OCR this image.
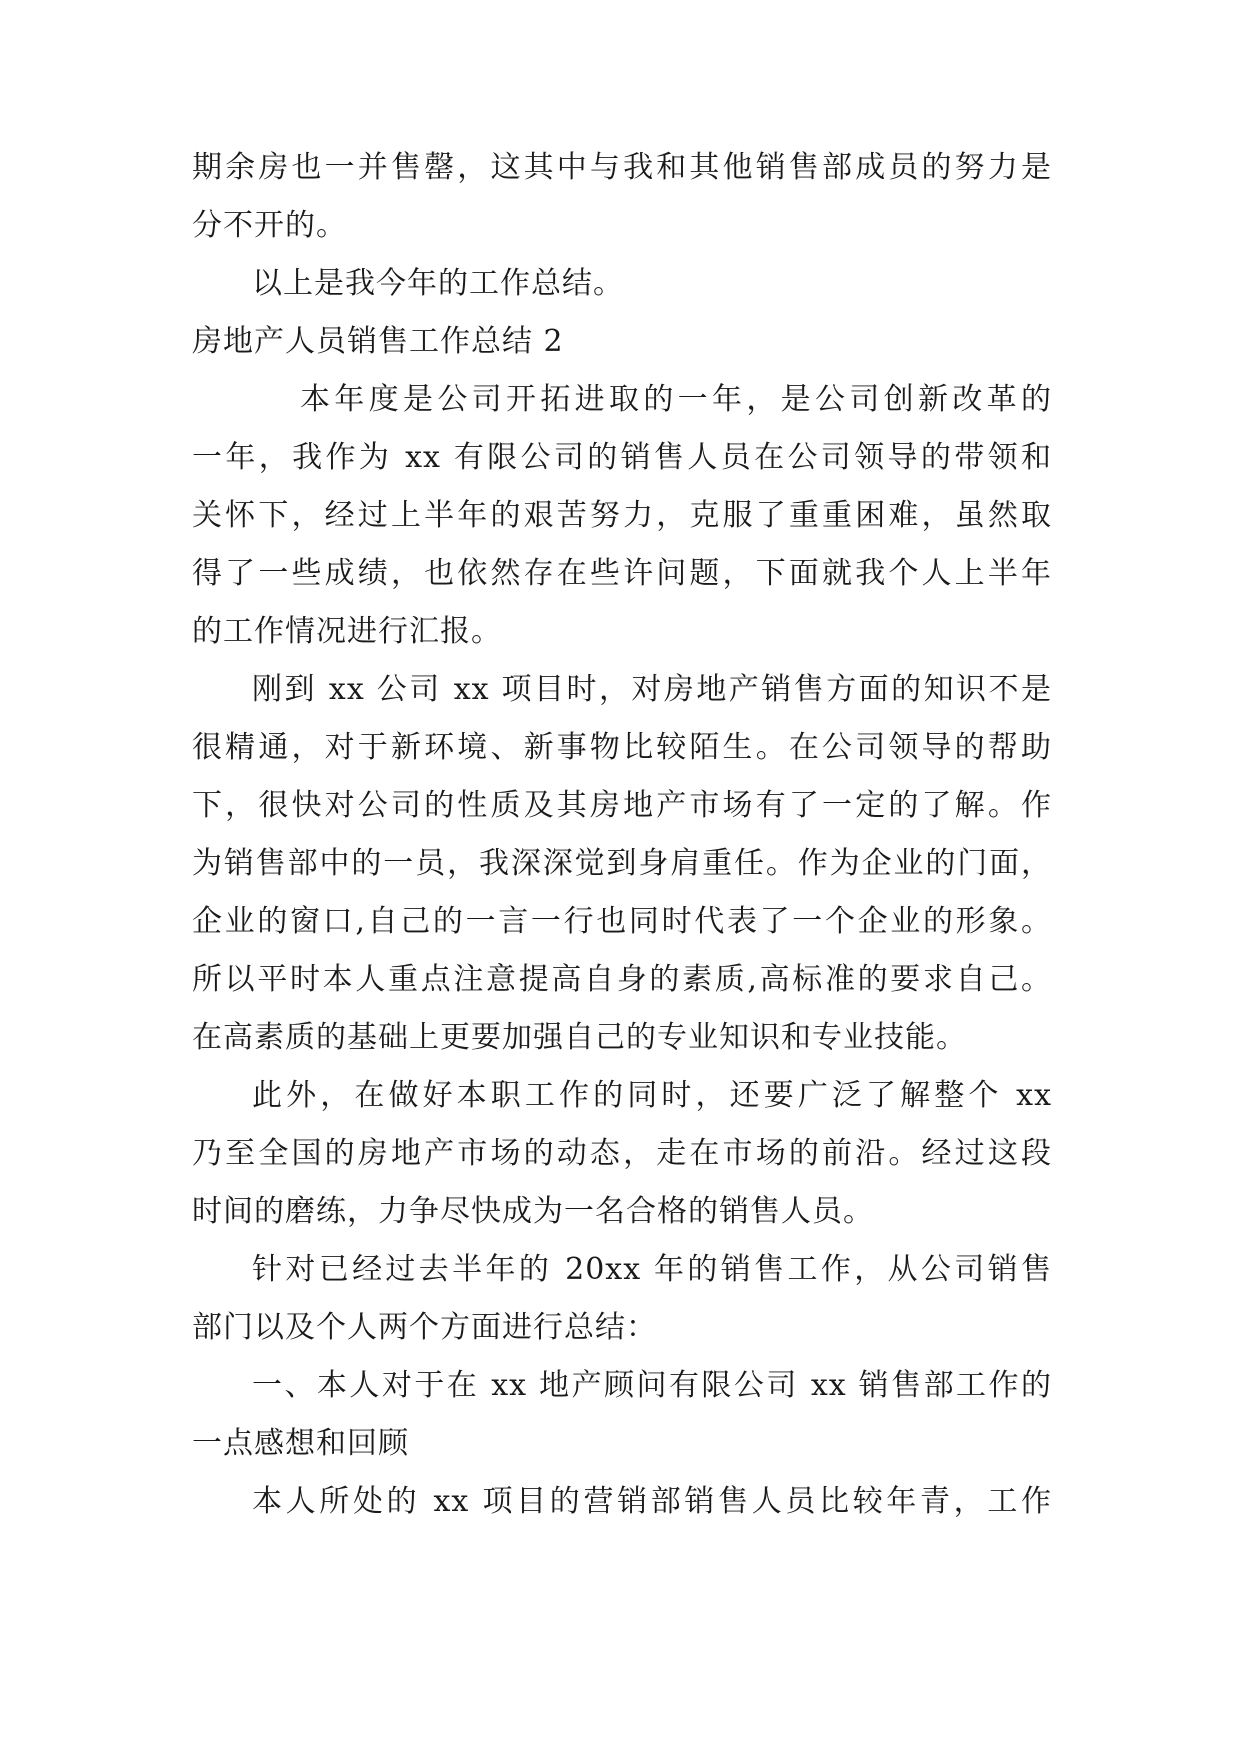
期余房也一并售罄，这其中与我和其他销售部成员的努力是

分不开的。

以上是我今年的工作总结。

房地产人员销售工作总结 2

本年度是公司开拓进取的一年，是公司创新改革的

一年，我作为 xx 有限公司的销售人员在公司领导的带领和

关怀下，经过上半年的艰苦努力，克服了重重困难，虽然取

得了一些成绩，也依然存在些许问题，下面就我个人上半年

的工作情况进行汇报。

刚到 xx 公司 xx 项目时，对房地产销售方面的知识不是

很精通，对于新环境、新事物比较陌生。在公司领导的帮助

下，很快对公司的性质及其房地产市场有了一定的了解。作

为销售部中的一员，我深深觉到身肩重任。作为企业的门面，

企业的窗口,自己的一言一行也同时代表了一个企业的形象。

所以平时本人重点注意提高自身的素质,高标准的要求自己。

在高素质的基础上更要加强自己的专业知识和专业技能。

此外，在做好本职工作的同时，还要广泛了解整个 xx

乃至全国的房地产市场的动态，走在市场的前沿。经过这段

时间的磨练，力争尽快成为一名合格的销售人员。

针对已经过去半年的 20xx 年的销售工作，从公司销售

部门以及个人两个方面进行总结：

一、本人对于在 xx 地产顾问有限公司 xx 销售部工作的

一点感想和回顾

本人所处的 xx 项目的营销部销售人员比较年青，工作
